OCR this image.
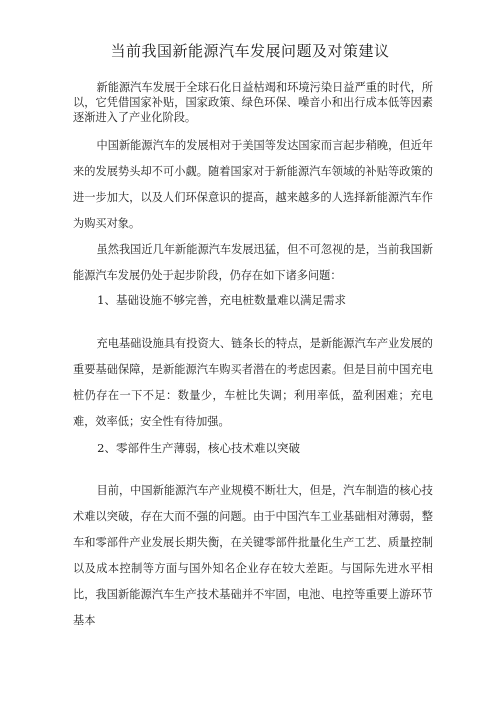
当前我国新能源汽车发展问题及对策建议
新能源汽车发展于全球石化日益枯竭和环境污染日益严重的时代，所以，它凭借国家补贴，国家政策、绿色环保、噪音小和出行成本低等因素逐渐进入了产业化阶段。
中国新能源汽车的发展相对于美国等发达国家而言起步稍晚，但近年来的发展势头却不可小觑。随着国家对于新能源汽车领域的补贴等政策的进一步加大，以及人们环保意识的提高，越来越多的人选择新能源汽车作为购买对象。
虽然我国近几年新能源汽车发展迅猛，但不可忽视的是，当前我国新能源汽车发展仍处于起步阶段，仍存在如下诸多问题：
1、基础设施不够完善，充电桩数量难以满足需求
充电基础设施具有投资大、链条长的特点，是新能源汽车产业发展的重要基础保障，是新能源汽车购买者潜在的考虑因素。但是目前中国充电桩仍存在一下不足：数量少，车桩比失调；利用率低，盈利困难；充电难，效率低；安全性有待加强。
2、零部件生产薄弱，核心技术难以突破
目前，中国新能源汽车产业规模不断壮大，但是，汽车制造的核心技术难以突破，存在大而不强的问题。由于中国汽车工业基础相对薄弱，整车和零部件产业发展长期失衡，在关键零部件批量化生产工艺、质量控制以及成本控制等方面与国外知名企业存在较大差距。与国际先进水平相比，我国新能源汽车生产技术基础并不牢固，电池、电控等重要上游环节基本
